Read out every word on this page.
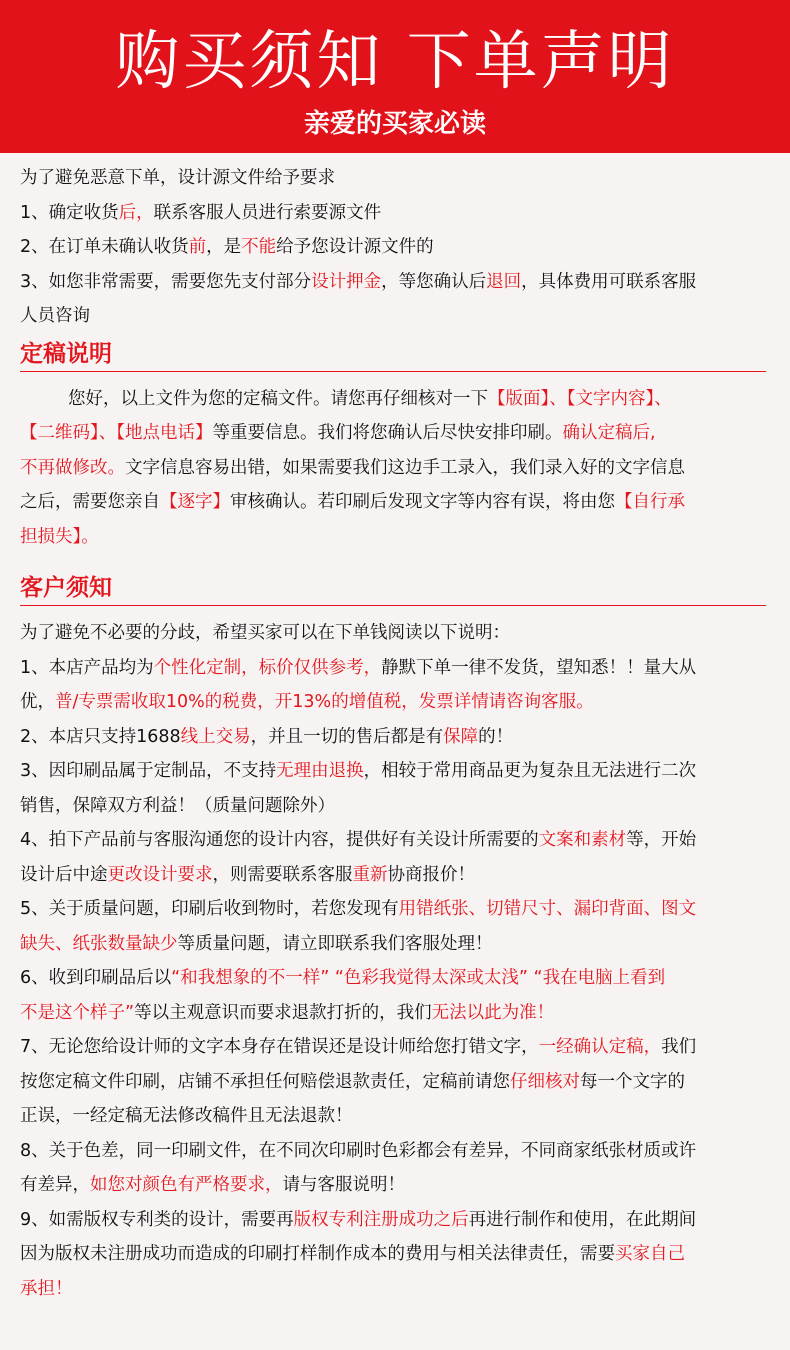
购买须知 下单声明
亲爱的买家必读
为了避免恶意下单，设计源文件给予要求
1、确定收货后，联系客服人员进行索要源文件
2、在订单未确认收货前，是不能给予您设计源文件的
3、如您非常需要，需要您先支付部分设计押金，等您确认后退回，具体费用可联系客服
人员咨询
定稿说明
您好，以上文件为您的定稿文件。请您再仔细核对一下【版面】、【文字内容】、
【二维码】、【地点电话】等重要信息。我们将您确认后尽快安排印刷。确认定稿后,
不再做修改。文字信息容易出错，如果需要我们这边手工录入，我们录入好的文字信息
之后，需要您亲自【逐字】审核确认。若印刷后发现文字等内容有误，将由您【自行承
担损失】。
客户须知
为了避免不必要的分歧，希望买家可以在下单钱阅读以下说明：
1、本店产品均为个性化定制，标价仅供参考，静默下单一律不发货，望知悉！！量大从
优，普/专票需收取10%的税费，开13%的增值税，发票详情请咨询客服。
2、本店只支持1688线上交易，并且一切的售后都是有保障的！
3、因印刷品属于定制品，不支持无理由退换，相较于常用商品更为复杂且无法进行二次
销售，保障双方利益！（质量问题除外）
4、拍下产品前与客服沟通您的设计内容，提供好有关设计所需要的文案和素材等，开始
设计后中途更改设计要求，则需要联系客服重新协商报价！
5、关于质量问题，印刷后收到物时，若您发现有用错纸张、切错尺寸、漏印背面、图文
缺失、纸张数量缺少等质量问题，请立即联系我们客服处理！
6、收到印刷品后以“和我想象的不一样” “色彩我觉得太深或太浅” “我在电脑上看到
不是这个样子”等以主观意识而要求退款打折的，我们无法以此为准！
7、无论您给设计师的文字本身存在错误还是设计师给您打错文字，一经确认定稿，我们
按您定稿文件印刷，店铺不承担任何赔偿退款责任，定稿前请您仔细核对每一个文字的
正误，一经定稿无法修改稿件且无法退款！
8、关于色差，同一印刷文件，在不同次印刷时色彩都会有差异，不同商家纸张材质或许
有差异，如您对颜色有严格要求，请与客服说明！
9、如需版权专利类的设计，需要再版权专利注册成功之后再进行制作和使用，在此期间
因为版权未注册成功而造成的印刷打样制作成本的费用与相关法律责任，需要买家自己
承担！
